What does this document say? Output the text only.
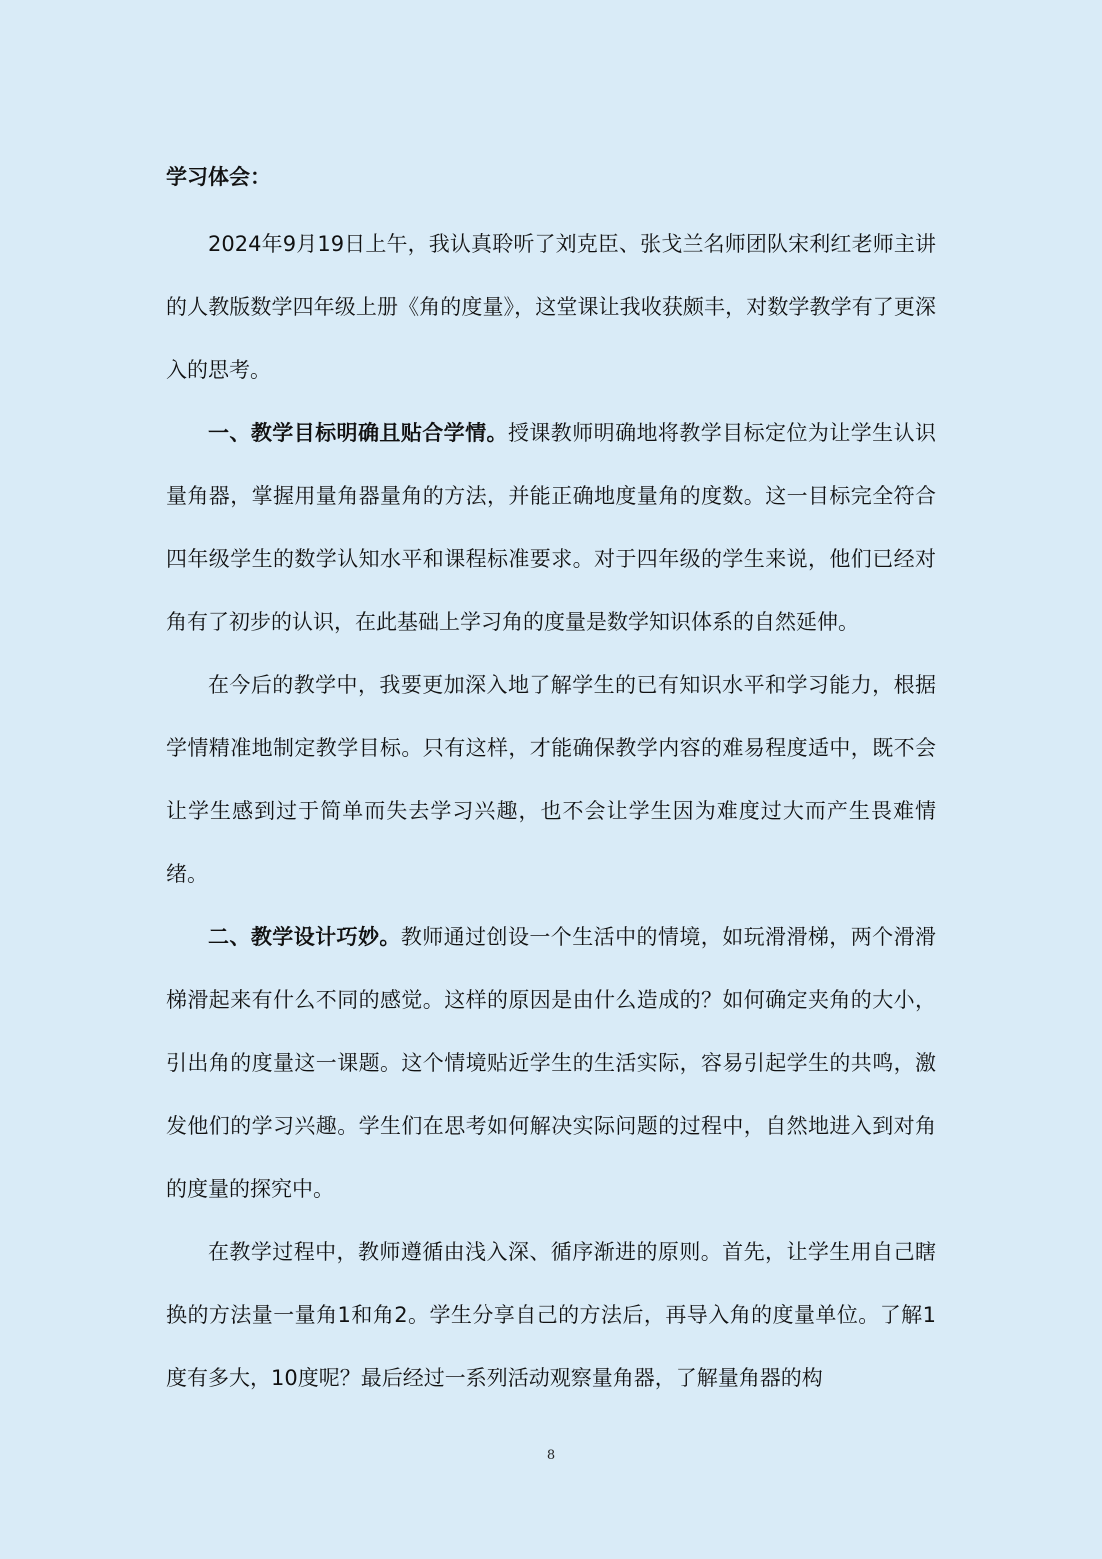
学习体会：

2024年9月19日上午，我认真聆听了刘克臣、张戈兰名师团队宋利红老师主讲的人教版数学四年级上册《角的度量》，这堂课让我收获颇丰，对数学教学有了更深入的思考。

一、教学目标明确且贴合学情。授课教师明确地将教学目标定位为让学生认识量角器，掌握用量角器量角的方法，并能正确地度量角的度数。这一目标完全符合四年级学生的数学认知水平和课程标准要求。对于四年级的学生来说，他们已经对角有了初步的认识，在此基础上学习角的度量是数学知识体系的自然延伸。

在今后的教学中，我要更加深入地了解学生的已有知识水平和学习能力，根据学情精准地制定教学目标。只有这样，才能确保教学内容的难易程度适中，既不会让学生感到过于简单而失去学习兴趣，也不会让学生因为难度过大而产生畏难情绪。

二、教学设计巧妙。教师通过创设一个生活中的情境，如玩滑滑梯，两个滑滑梯滑起来有什么不同的感觉。这样的原因是由什么造成的？如何确定夹角的大小，引出角的度量这一课题。这个情境贴近学生的生活实际，容易引起学生的共鸣，激发他们的学习兴趣。学生们在思考如何解决实际问题的过程中，自然地进入到对角的度量的探究中。

在教学过程中，教师遵循由浅入深、循序渐进的原则。首先，让学生用自己瞎换的方法量一量角1和角2。学生分享自己的方法后，再导入角的度量单位。了解1度有多大，10度呢？最后经过一系列活动观察量角器，了解量角器的构

8
